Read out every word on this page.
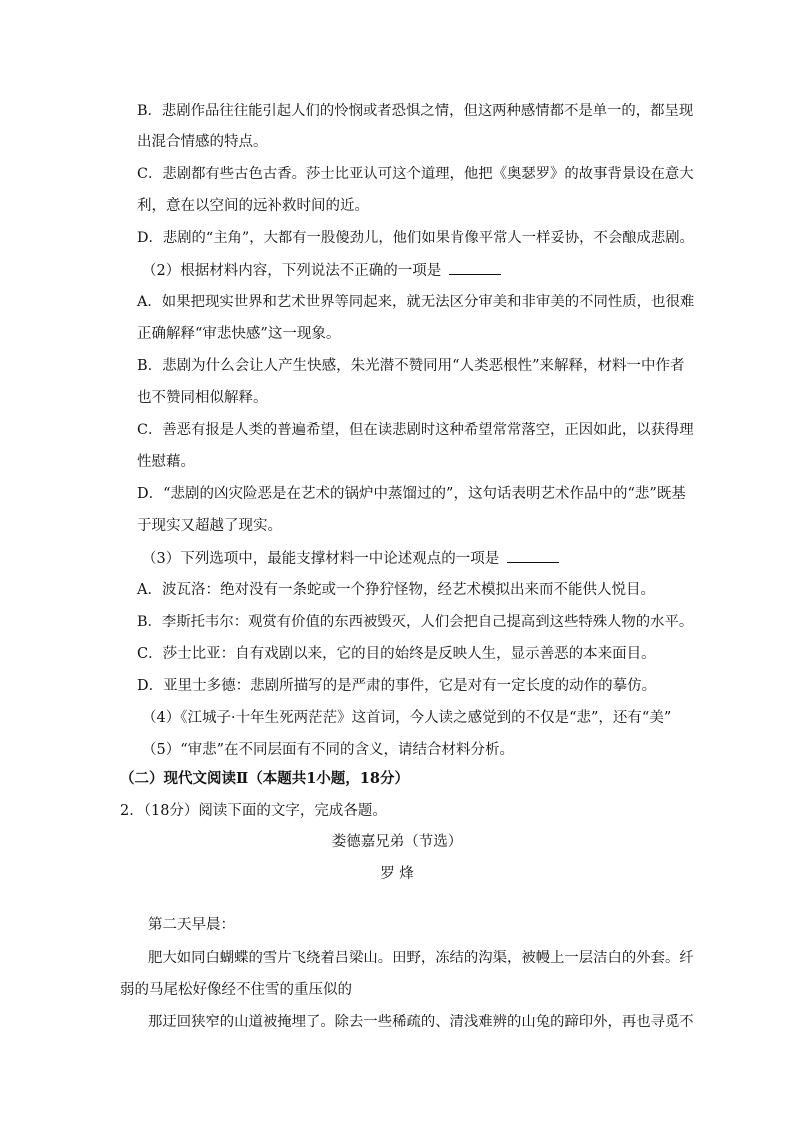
B．悲剧作品往往能引起人们的怜悯或者恐惧之情，但这两种感情都不是单一的，都呈现
出混合情感的特点。
C．悲剧都有些古色古香。莎士比亚认可这个道理，他把《奥瑟罗》的故事背景设在意大
利，意在以空间的远补救时间的近。
D．悲剧的“主角”，大都有一股傻劲儿，他们如果肯像平常人一样妥协，不会酿成悲剧。
（2）根据材料内容，下列说法不正确的一项是
A．如果把现实世界和艺术世界等同起来，就无法区分审美和非审美的不同性质，也很难
正确解释“审悲快感”这一现象。
B．悲剧为什么会让人产生快感，朱光潜不赞同用“人类恶根性”来解释，材料一中作者
也不赞同相似解释。
C．善恶有报是人类的普遍希望，但在读悲剧时这种希望常常落空，正因如此，以获得理
性慰藉。
D．“悲剧的凶灾险恶是在艺术的锅炉中蒸馏过的”，这句话表明艺术作品中的“悲”既基
于现实又超越了现实。
（3）下列选项中，最能支撑材料一中论述观点的一项是
A．波瓦洛：绝对没有一条蛇或一个狰狞怪物，经艺术模拟出来而不能供人悦目。
B．李斯托韦尔：观赏有价值的东西被毁灭，人们会把自己提高到这些特殊人物的水平。
C．莎士比亚：自有戏剧以来，它的目的始终是反映人生，显示善恶的本来面目。
D．亚里士多德：悲剧所描写的是严肃的事件，它是对有一定长度的动作的摹仿。
（4）《江城子·十年生死两茫茫》这首词，今人读之感觉到的不仅是“悲”，还有“美”
（5）“审悲”在不同层面有不同的含义，请结合材料分析。
（二）现代文阅读Ⅱ（本题共1小题，18分）
2．（18分）阅读下面的文字，完成各题。
娄德嘉兄弟（节选）
罗 烽
第二天早晨：
肥大如同白蝴蝶的雪片飞绕着吕梁山。田野，冻结的沟渠，被幔上一层洁白的外套。纤
弱的马尾松好像经不住雪的重压似的
那迂回狭窄的山道被掩埋了。除去一些稀疏的、清浅难辨的山兔的蹄印外，再也寻觅不
